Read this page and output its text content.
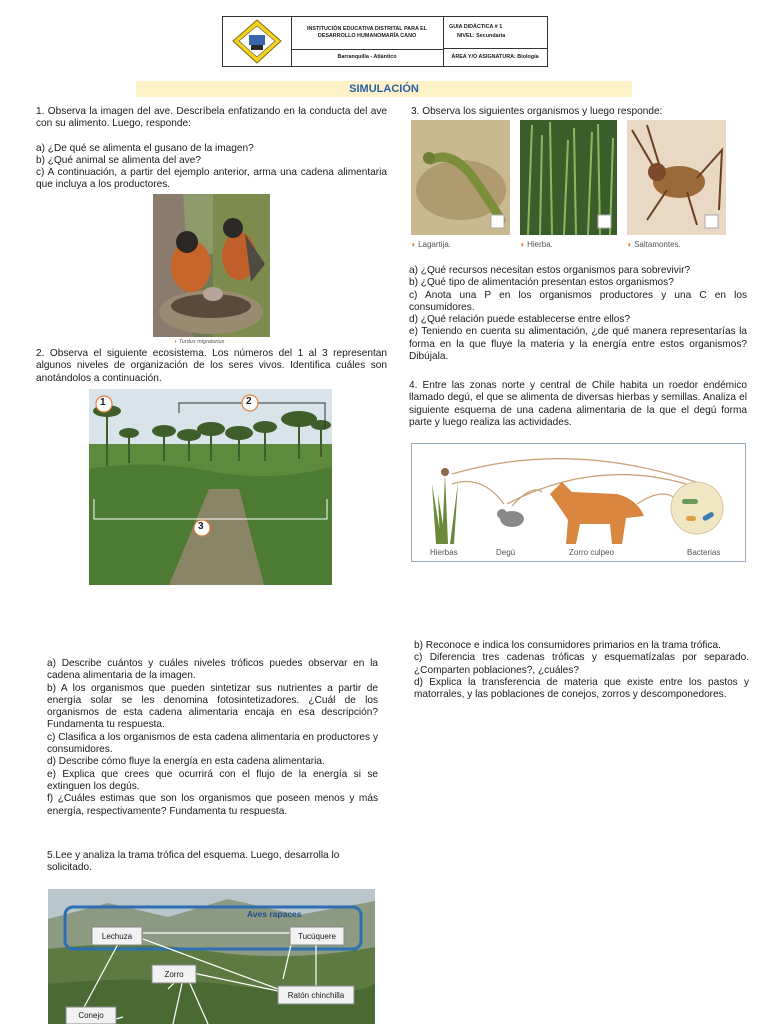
INSTITUCIÓN EDUCATIVA DISTRITAL PARA EL DESARROLLO HUMANOMARÍA CANO
Barranquilla - Atlántico
GUIA DIDÁCTICA # 1
NIVEL: Secundaria
ÁREA Y/O ASIGNATURA: Biología
SIMULACIÓN

1. Observa la imagen del ave. Descríbela enfatizando en la conducta del ave con su alimento. Luego, responde:

a) ¿De qué se alimenta el gusano de la imagen?

b) ¿Qué animal se alimenta del ave?

c) A continuación, a partir del ejemplo anterior, arma una cadena alimentaria que incluya a los productores.

◗ Turdus migratorius

2. Observa el siguiente ecosistema. Los números del 1 al 3 representan algunos niveles de organización de los seres vivos. Identifica cuáles son anotándolos a continuación.

1	2
3
3. Observa los siguientes organismos y luego responde:
◗ Lagartija.	◗ Hierba.	◗ Saltamontes.

a) ¿Qué recursos necesitan estos organismos para sobrevivir?

b) ¿Qué tipo de alimentación presentan estos organismos?

c) Anota una P en los organismos productores y una C en los consumidores.

d) ¿Qué relación puede establecerse entre ellos?

e) Teniendo en cuenta su alimentación, ¿de qué manera representarías la forma en la que fluye la materia y la energía entre estos organismos? Dibújala.

4. Entre las zonas norte y central de Chile habita un roedor endémico llamado degú, el que se alimenta de diversas hierbas y semillas. Analiza el siguiente esquema de una cadena alimentaria de la que el degú forma parte y luego realiza las actividades.
Hierbas	Degú	Zorro culpeo	Bacterias

b) Reconoce e indica los consumidores primarios en la trama trófica.

c) Diferencia tres cadenas tróficas y esquematízalas por separado. ¿Comparten poblaciones?, ¿cuáles?

d) Explica la transferencia de materia que existe entre los pastos y matorrales, y las poblaciones de conejos, zorros y descomponedores.

a) Describe cuántos y cuáles niveles tróficos puedes observar en la cadena alimentaria de la imagen.

b) A los organismos que pueden sintetizar sus nutrientes a partir de energía solar se les denomina fotosintetizadores. ¿Cuál de los organismos de esta cadena alimentaria encaja en esa descripción? Fundamenta tu respuesta.

c) Clasifica a los organismos de esta cadena alimentaria en productores y consumidores.

d) Describe cómo fluye la energía en esta cadena alimentaria.

e) Explica que crees que ocurrirá con el flujo de la energía si se extinguen los degús.

f) ¿Cuáles estimas que son los organismos que poseen menos y más energía, respectivamente? Fundamenta tu respuesta.

5.Lee y analiza la trama trófica del esquema. Luego, desarrolla lo solicitado.
Aves rapaces
Lechuza	Tucúquere
Zorro
Ratón chinchilla
Conejo
